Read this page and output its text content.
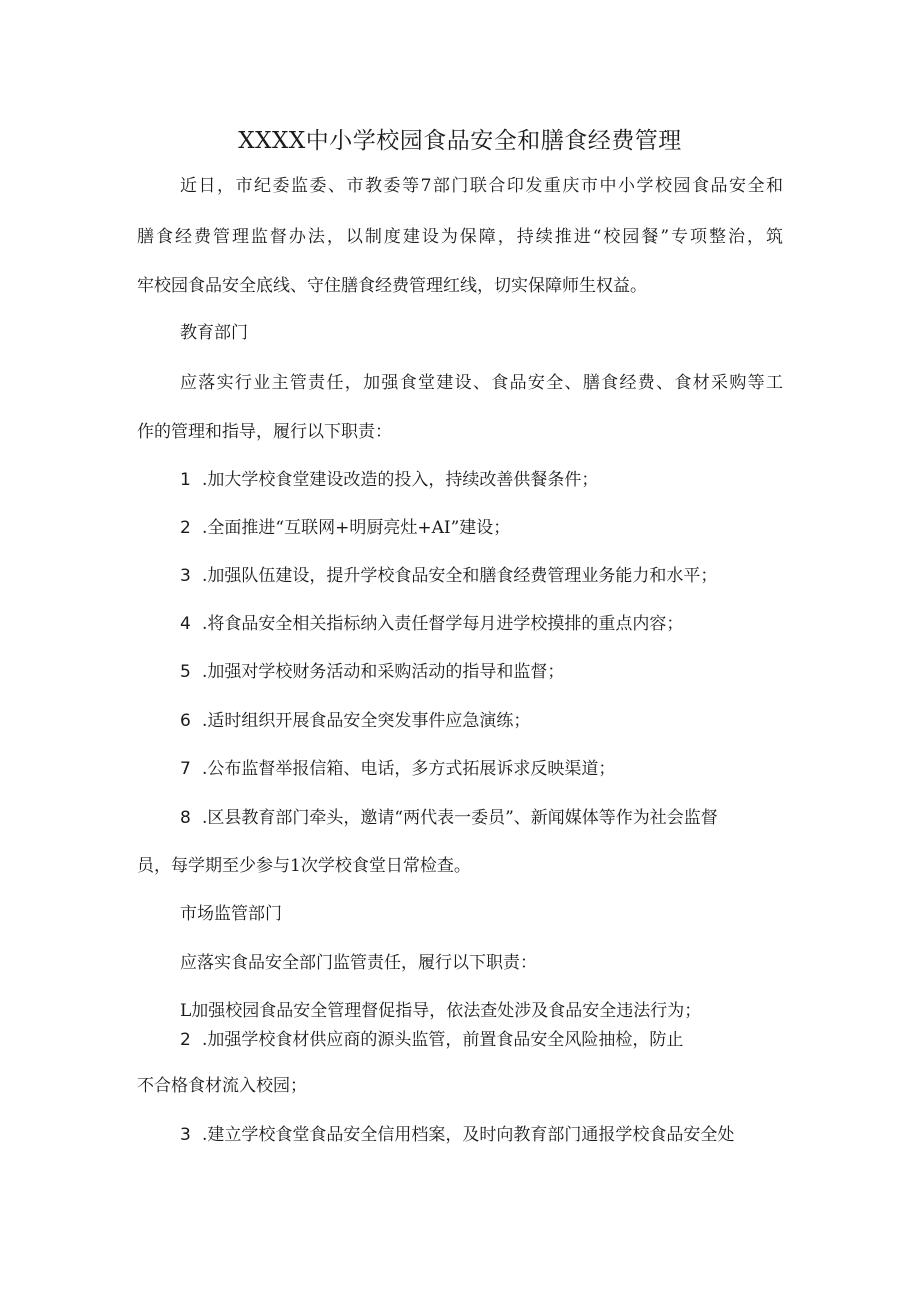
XXXX中小学校园食品安全和膳食经费管理
近日，市纪委监委、市教委等7部门联合印发重庆市中小学校园食品安全和
膳食经费管理监督办法，以制度建设为保障，持续推进“校园餐”专项整治，筑
牢校园食品安全底线、守住膳食经费管理红线，切实保障师生权益。
教育部门
应落实行业主管责任，加强食堂建设、食品安全、膳食经费、食材采购等工
作的管理和指导，履行以下职责：
1 .加大学校食堂建设改造的投入，持续改善供餐条件；
2 .全面推进“互联网+明厨亮灶+AI”建设；
3 .加强队伍建设，提升学校食品安全和膳食经费管理业务能力和水平；
4 .将食品安全相关指标纳入责任督学每月进学校摸排的重点内容；
5 .加强对学校财务活动和采购活动的指导和监督；
6 .适时组织开展食品安全突发事件应急演练；
7 .公布监督举报信箱、电话，多方式拓展诉求反映渠道；
8 .区县教育部门牵头，邀请“两代表一委员”、新闻媒体等作为社会监督
员，每学期至少参与1次学校食堂日常检查。
市场监管部门
应落实食品安全部门监管责任，履行以下职责：
L加强校园食品安全管理督促指导，依法查处涉及食品安全违法行为；
2 .加强学校食材供应商的源头监管，前置食品安全风险抽检，防止
不合格食材流入校园；
3 .建立学校食堂食品安全信用档案，及时向教育部门通报学校食品安全处
